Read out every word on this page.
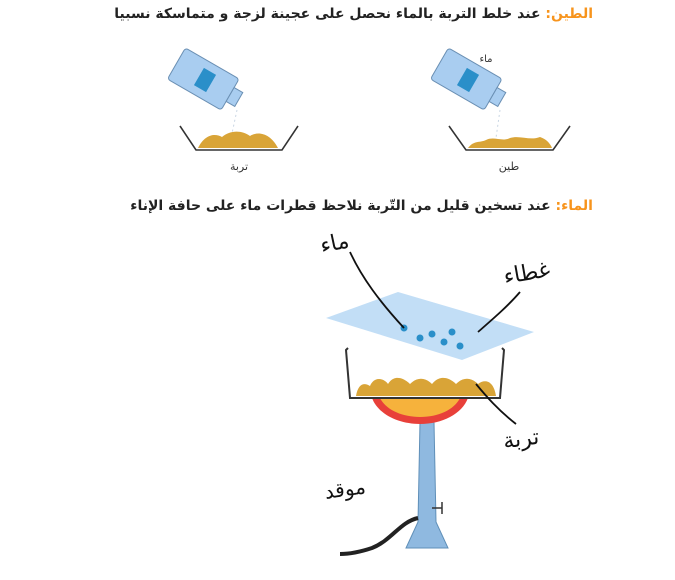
الطين: عند خلط التربة بالماء نحصل على عجينة لزجة و متماسكة نسبيا
الماء: عند تسخين قليل من التّربة نلاحظ قطرات ماء على حافة الإناء
تربة
ماء
طين
ماء
غطاء
تربة
موقد
